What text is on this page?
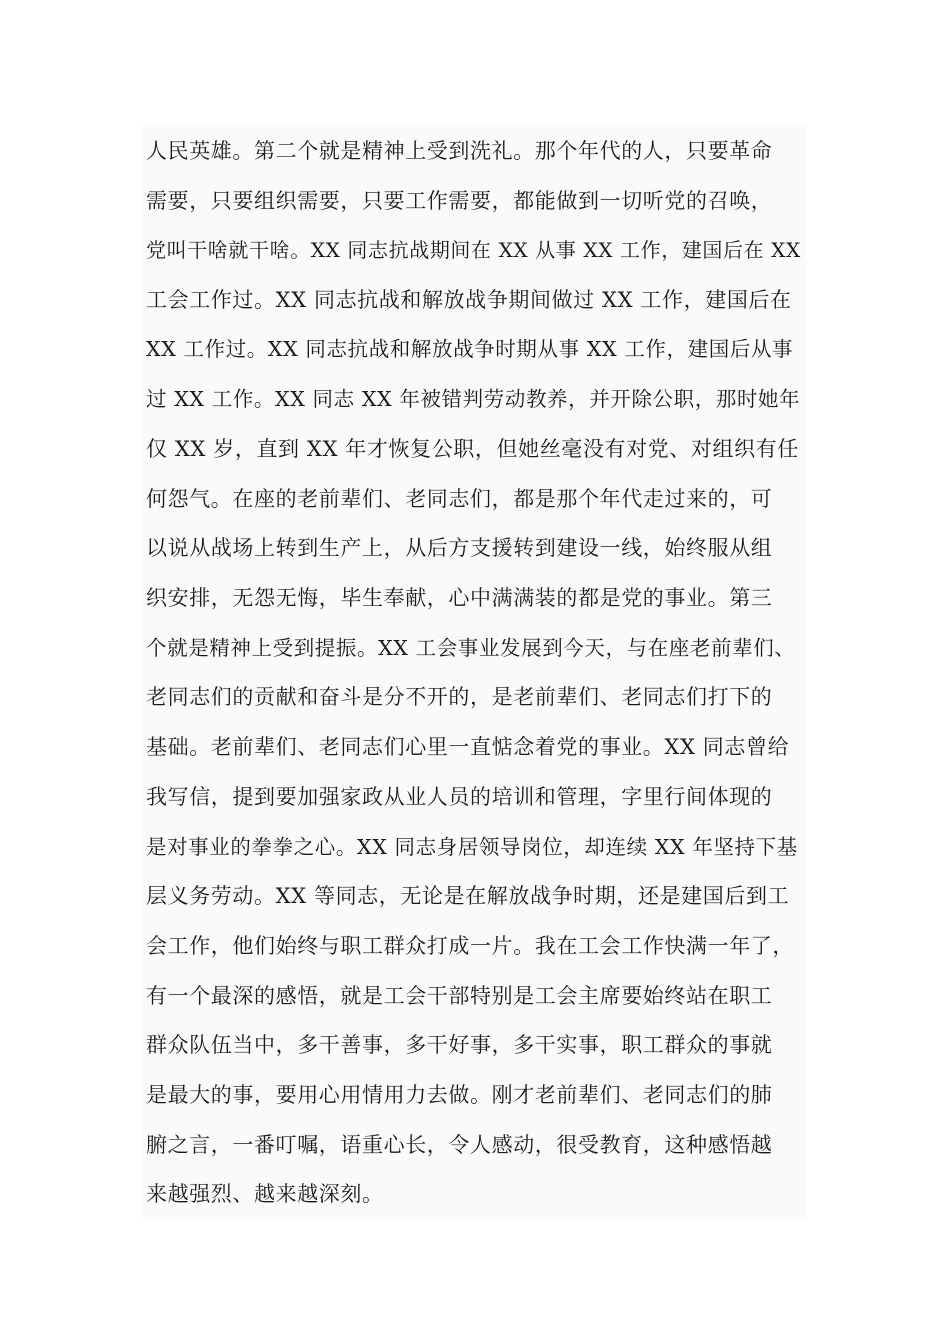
人民英雄。第二个就是精神上受到洗礼。那个年代的人，只要革命
需要，只要组织需要，只要工作需要，都能做到一切听党的召唤，
党叫干啥就干啥。XX 同志抗战期间在 XX 从事 XX 工作，建国后在 XX
工会工作过。XX 同志抗战和解放战争期间做过 XX 工作，建国后在
XX 工作过。XX 同志抗战和解放战争时期从事 XX 工作，建国后从事
过 XX 工作。XX 同志 XX 年被错判劳动教养，并开除公职，那时她年
仅 XX 岁，直到 XX 年才恢复公职，但她丝毫没有对党、对组织有任
何怨气。在座的老前辈们、老同志们，都是那个年代走过来的，可
以说从战场上转到生产上，从后方支援转到建设一线，始终服从组
织安排，无怨无悔，毕生奉献，心中满满装的都是党的事业。第三
个就是精神上受到提振。XX 工会事业发展到今天，与在座老前辈们、
老同志们的贡献和奋斗是分不开的，是老前辈们、老同志们打下的
基础。老前辈们、老同志们心里一直惦念着党的事业。XX 同志曾给
我写信，提到要加强家政从业人员的培训和管理，字里行间体现的
是对事业的拳拳之心。XX 同志身居领导岗位，却连续 XX 年坚持下基
层义务劳动。XX 等同志，无论是在解放战争时期，还是建国后到工
会工作，他们始终与职工群众打成一片。我在工会工作快满一年了，
有一个最深的感悟，就是工会干部特别是工会主席要始终站在职工
群众队伍当中，多干善事，多干好事，多干实事，职工群众的事就
是最大的事，要用心用情用力去做。刚才老前辈们、老同志们的肺
腑之言，一番叮嘱，语重心长，令人感动，很受教育，这种感悟越
来越强烈、越来越深刻。
